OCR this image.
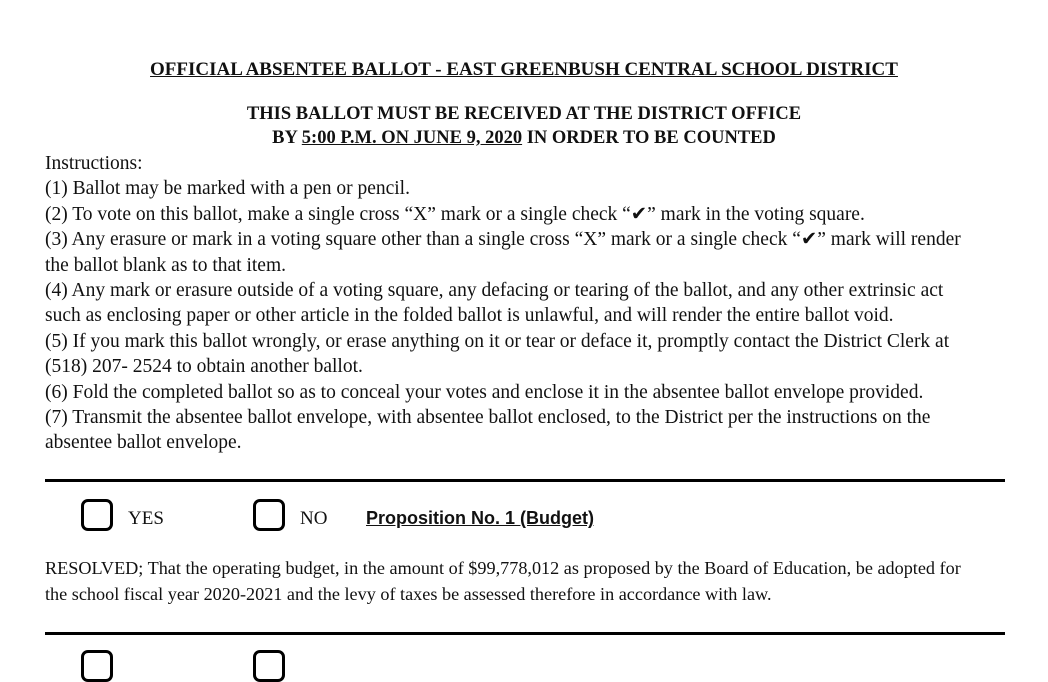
OFFICIAL ABSENTEE BALLOT - EAST GREENBUSH CENTRAL SCHOOL DISTRICT
THIS BALLOT MUST BE RECEIVED AT THE DISTRICT OFFICE
BY 5:00 P.M. ON JUNE 9, 2020 IN ORDER TO BE COUNTED
Instructions:
(1) Ballot may be marked with a pen or pencil.
(2) To vote on this ballot, make a single cross “X” mark or a single check “✔” mark in the voting square.
(3) Any erasure or mark in a voting square other than a single cross “X” mark or a single check “✔” mark will render
the ballot blank as to that item.
(4) Any mark or erasure outside of a voting square, any defacing or tearing of the ballot, and any other extrinsic act
such as enclosing paper or other article in the folded ballot is unlawful, and will render the entire ballot void.
(5) If you mark this ballot wrongly, or erase anything on it or tear or deface it, promptly contact the District Clerk at
(518) 207- 2524 to obtain another ballot.
(6) Fold the completed ballot so as to conceal your votes and enclose it in the absentee ballot envelope provided.
(7) Transmit the absentee ballot envelope, with absentee ballot enclosed, to the District per the instructions on the
absentee ballot envelope.
YES	NO Proposition No. 1 (Budget)
RESOLVED; That the operating budget, in the amount of $99,778,012 as proposed by the Board of Education, be adopted for
the school fiscal year 2020-2021 and the levy of taxes be assessed therefore in accordance with law.
